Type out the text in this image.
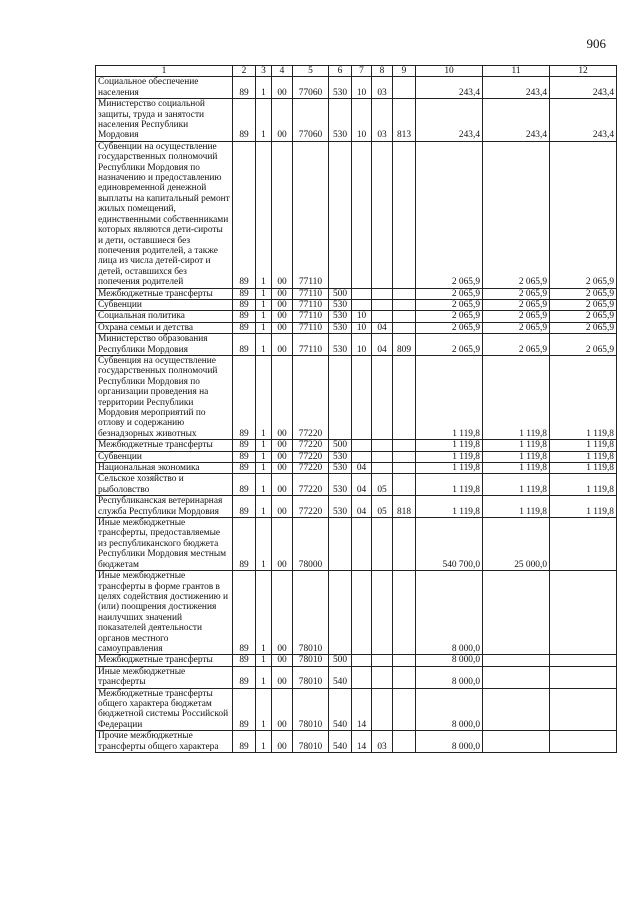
906
1	2	3	4	5	6	7	8	9	10	11	12
Социальное обеспечение населения	89	1	00	77060	530	10	03		243,4	243,4	243,4
Министерство социальной защиты, труда и занятости населения Республики Мордовия	89	1	00	77060	530	10	03	813	243,4	243,4	243,4
Субвенции на осуществление государственных полномочий Республики Мордовия по назначению и предоставлению единовременной денежной выплаты на капитальный ремонт жилых помещений, единственными собственниками которых являются дети-сироты и дети, оставшиеся без попечения родителей, а также лица из числа детей-сирот и детей, оставшихся без попечения родителей	89	1	00	77110					2 065,9	2 065,9	2 065,9
Межбюджетные трансферты	89	1	00	77110	500				2 065,9	2 065,9	2 065,9
Субвенции	89	1	00	77110	530				2 065,9	2 065,9	2 065,9
Социальная политика	89	1	00	77110	530	10			2 065,9	2 065,9	2 065,9
Охрана семьи и детства	89	1	00	77110	530	10	04		2 065,9	2 065,9	2 065,9
Министерство образования Республики Мордовия	89	1	00	77110	530	10	04	809	2 065,9	2 065,9	2 065,9
Субвенция на осуществление государственных полномочий Республики Мордовия по организации проведения на территории Республики Мордовия мероприятий по отлову и содержанию безнадзорных животных	89	1	00	77220					1 119,8	1 119,8	1 119,8
Межбюджетные трансферты	89	1	00	77220	500				1 119,8	1 119,8	1 119,8
Субвенции	89	1	00	77220	530				1 119,8	1 119,8	1 119,8
Национальная экономика	89	1	00	77220	530	04			1 119,8	1 119,8	1 119,8
Сельское хозяйство и рыболовство	89	1	00	77220	530	04	05		1 119,8	1 119,8	1 119,8
Республиканская ветеринарная служба Республики Мордовия	89	1	00	77220	530	04	05	818	1 119,8	1 119,8	1 119,8
Иные межбюджетные трансферты, предоставляемые из республиканского бюджета Республики Мордовия местным бюджетам	89	1	00	78000					540 700,0	25 000,0	
Иные межбюджетные трансферты в форме грантов в целях содействия достижению и (или) поощрения достижения наилучших значений показателей деятельности органов местного самоуправления	89	1	00	78010					8 000,0		
Межбюджетные трансферты	89	1	00	78010	500				8 000,0		
Иные межбюджетные трансферты	89	1	00	78010	540				8 000,0		
Межбюджетные трансферты общего характера бюджетам бюджетной системы Российской Федерации	89	1	00	78010	540	14			8 000,0		
Прочие межбюджетные трансферты общего характера	89	1	00	78010	540	14	03		8 000,0		
